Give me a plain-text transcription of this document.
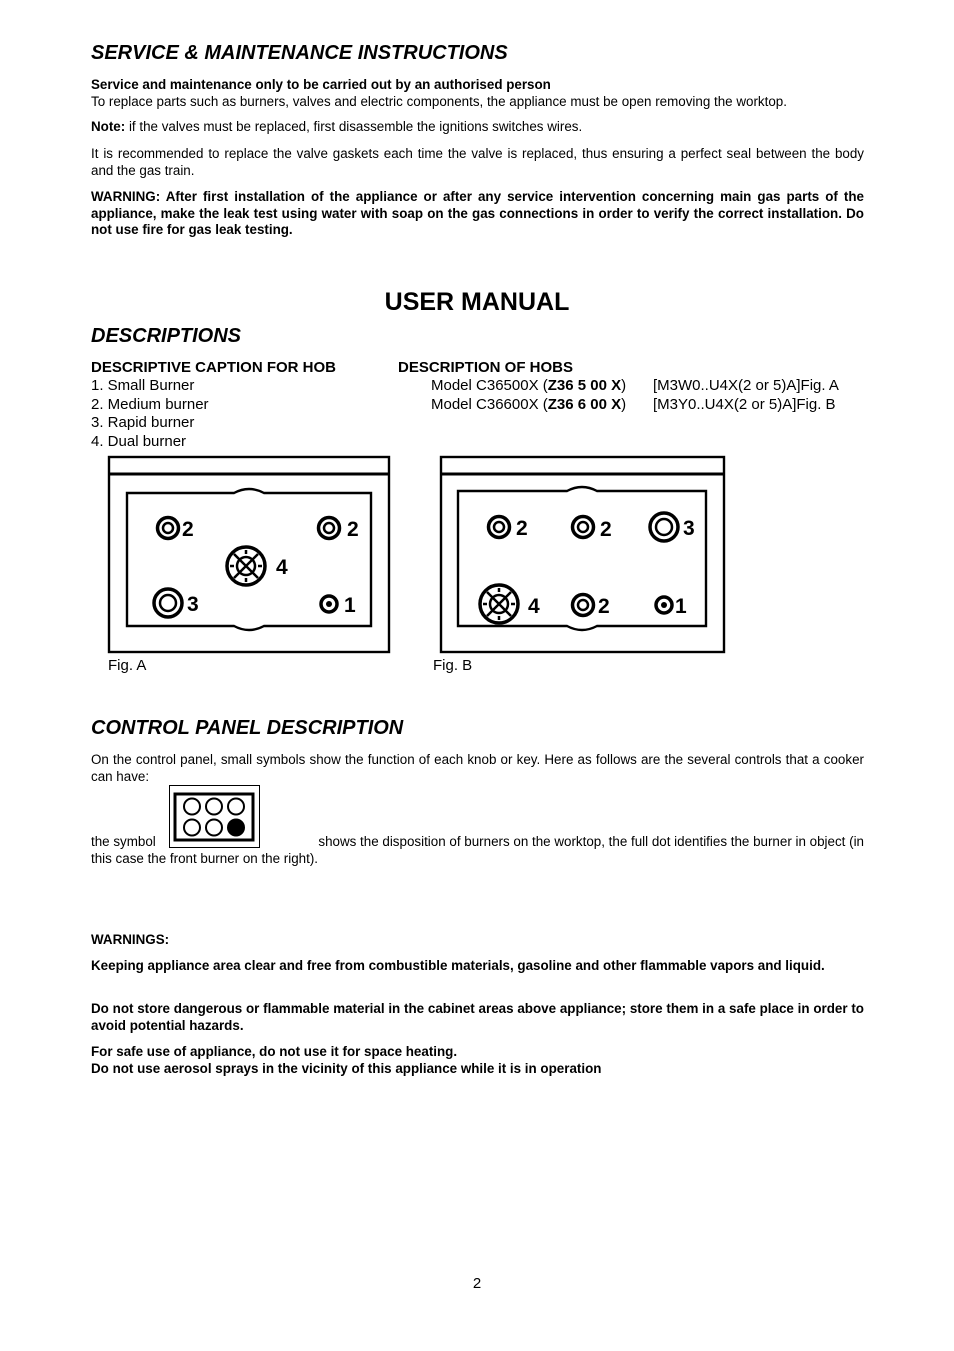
SERVICE & MAINTENANCE INSTRUCTIONS
Service and maintenance only to be carried out by an authorised person
To replace parts such as burners, valves and electric components, the appliance must be open removing the worktop.
Note: if the valves must be replaced, first disassemble the ignitions switches wires.
It is recommended to replace the valve gaskets each time the valve is replaced, thus ensuring a perfect seal between the body and the gas train.
WARNING: After first installation of the appliance or after any service intervention concerning main gas parts of the appliance, make the leak test using water with soap on the gas connections in order to verify the correct installation. Do not use fire for gas leak testing.
USER MANUAL
DESCRIPTIONS
DESCRIPTIVE CAPTION FOR HOB
1. Small Burner
2. Medium burner
3. Rapid burner
4. Dual burner
DESCRIPTION OF HOBS
Model C36500X (Z36 5 00 X) [M3W0..U4X(2 or 5)A]Fig. A
Model C36600X (Z36 6 00 X) [M3Y0..U4X(2 or 5)A]Fig. B
2	2
4
3	1
Fig. A
2	2	3
4	2	1
Fig. B
CONTROL PANEL DESCRIPTION
On the control panel, small symbols show the function of each knob or key. Here as follows are the several controls that a cooker can have:
the symbol	shows the disposition of burners on the worktop, the full dot identifies the burner in object (in
this case the front burner on the right).
WARNINGS:
Keeping appliance area clear and free from combustible materials, gasoline and other flammable vapors and liquid.
Do not store dangerous or flammable material in the cabinet areas above appliance; store them in a safe place in order to avoid potential hazards.
For safe use of appliance, do not use it for space heating.
Do not use aerosol sprays in the vicinity of this appliance while it is in operation
2
